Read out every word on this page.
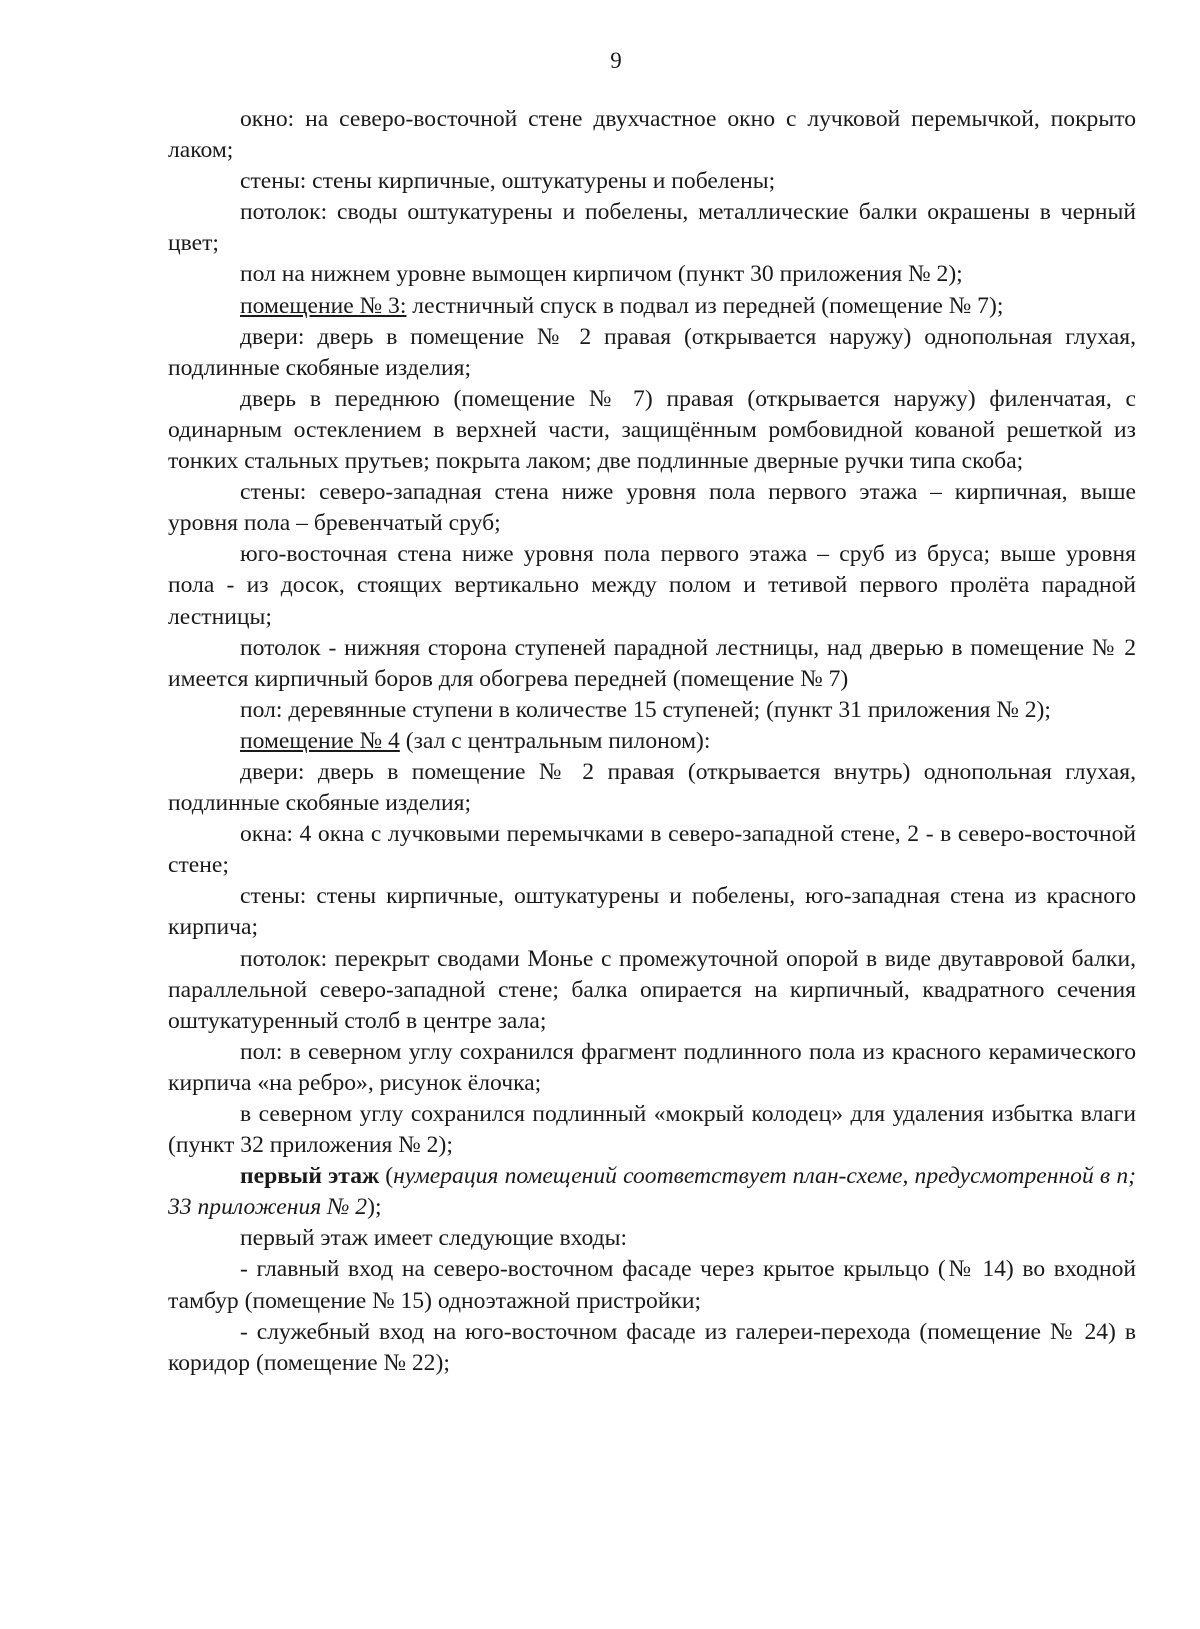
9

окно: на северо-восточной стене двухчастное окно с лучковой перемычкой, покрыто лаком;

стены: стены кирпичные, оштукатурены и побелены;

потолок: своды оштукатурены и побелены, металлические балки окрашены в черный цвет;

пол на нижнем уровне вымощен кирпичом (пункт 30 приложения № 2);

помещение № 3: лестничный спуск в подвал из передней (помещение № 7);

двери: дверь в помещение № 2 правая (открывается наружу) однопольная глухая, подлинные скобяные изделия;

дверь в переднюю (помещение № 7) правая (открывается наружу) филенчатая, с одинарным остеклением в верхней части, защищённым ромбовидной кованой решеткой из тонких стальных прутьев; покрыта лаком; две подлинные дверные ручки типа скоба;

стены: северо-западная стена ниже уровня пола первого этажа – кирпичная, выше уровня пола – бревенчатый сруб;

юго-восточная стена ниже уровня пола первого этажа – сруб из бруса; выше уровня пола - из досок, стоящих вертикально между полом и тетивой первого пролёта парадной лестницы;

потолок - нижняя сторона ступеней парадной лестницы, над дверью в помещение № 2 имеется кирпичный боров для обогрева передней (помещение № 7)

пол: деревянные ступени в количестве 15 ступеней; (пункт 31 приложения № 2);

помещение № 4 (зал с центральным пилоном):

двери: дверь в помещение № 2 правая (открывается внутрь) однопольная глухая, подлинные скобяные изделия;

окна: 4 окна с лучковыми перемычками в северо-западной стене, 2 - в северо-восточной стене;

стены: стены кирпичные, оштукатурены и побелены, юго-западная стена из красного кирпича;

потолок: перекрыт сводами Монье с промежуточной опорой в виде двутавровой балки, параллельной северо-западной стене; балка опирается на кирпичный, квадратного сечения оштукатуренный столб в центре зала;

пол: в северном углу сохранился фрагмент подлинного пола из красного керамического кирпича «на ребро», рисунок ёлочка;

в северном углу сохранился подлинный «мокрый колодец» для удаления избытка влаги (пункт 32 приложения № 2);

первый этаж (нумерация помещений соответствует план-схеме, предусмотренной в п; 33 приложения № 2);

первый этаж имеет следующие входы:

- главный вход на северо-восточном фасаде через крытое крыльцо (№ 14) во входной тамбур (помещение № 15) одноэтажной пристройки;

- служебный вход на юго-восточном фасаде из галереи-перехода (помещение № 24) в коридор (помещение № 22);
